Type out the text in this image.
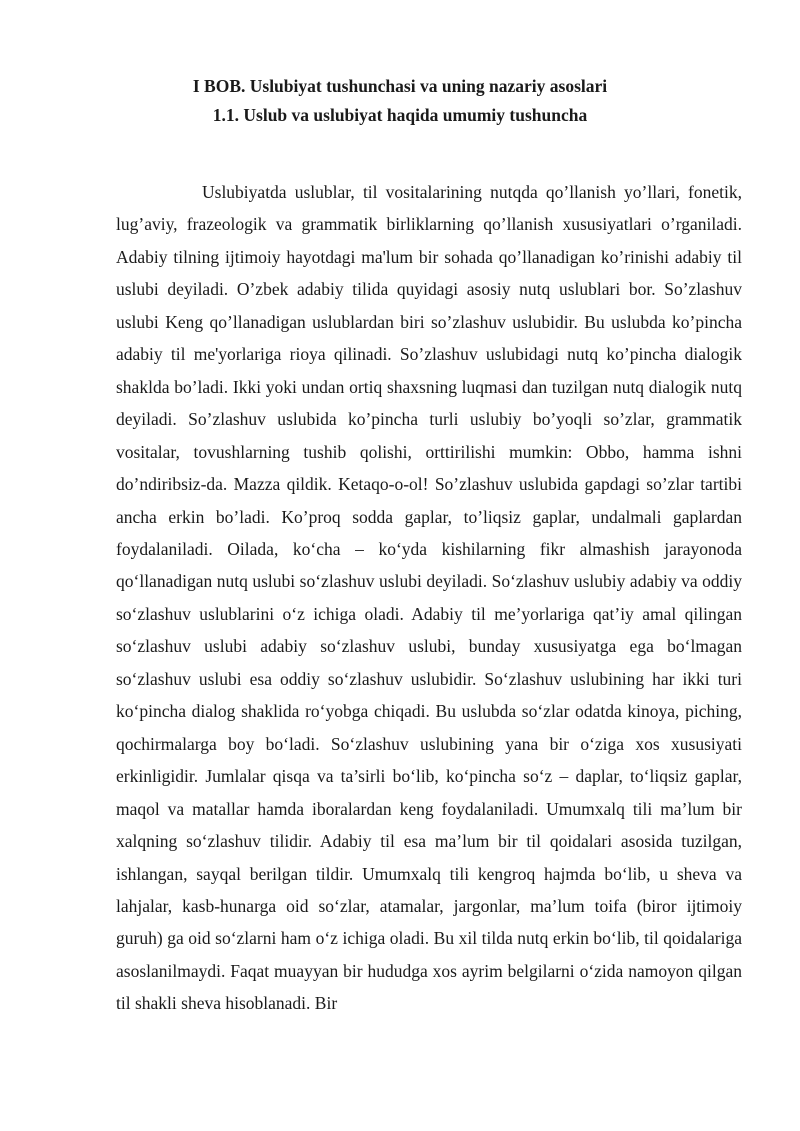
I BOB. Uslubiyat tushunchasi va uning nazariy asoslari
1.1. Uslub va uslubiyat haqida umumiy tushuncha

Uslubiyatda uslublar, til vositalarining nutqda qo’llanish yo’llari, fonetik, lug’aviy, frazeologik va grammatik birliklarning qo’llanish xususiyatlari o’rganiladi. Adabiy tilning ijtimoiy hayotdagi ma'lum bir sohada qo’llanadigan ko’rinishi adabiy til uslubi deyiladi. O’zbek adabiy tilida quyidagi asosiy nutq uslublari bor. So’zlashuv uslubi Keng qo’llanadigan uslublardan biri so’zlashuv uslubidir. Bu uslubda ko’pincha adabiy til me'yorlariga rioya qilinadi. So’zlashuv uslubidagi nutq ko’pincha dialogik shaklda bo’ladi. Ikki yoki undan ortiq shaxsning luqmasi dan tuzilgan nutq dialogik nutq deyiladi. So’zlashuv uslubida ko’pincha turli uslubiy bo’yoqli so’zlar, grammatik vositalar, tovushlarning tushib qolishi, orttirilishi mumkin: Obbo, hamma ishni do’ndiribsiz-da. Mazza qildik. Ketaqo-o-ol! So’zlashuv uslubida gapdagi so’zlar tartibi ancha erkin bo’ladi. Ko’proq sodda gaplar, to’liqsiz gaplar, undalmali gaplardan foydalaniladi. Oilada, ko‘cha – ko‘yda kishilarning fikr almashish jarayonoda qo‘llanadigan nutq uslubi so‘zlashuv uslubi deyiladi. So‘zlashuv uslubiy adabiy va oddiy so‘zlashuv uslublarini o‘z ichiga oladi. Adabiy til me’yorlariga qat’iy amal qilingan so‘zlashuv uslubi adabiy so‘zlashuv uslubi, bunday xususiyatga ega bo‘lmagan so‘zlashuv uslubi esa oddiy so‘zlashuv uslubidir. So‘zlashuv uslubining har ikki turi ko‘pincha dialog shaklida ro‘yobga chiqadi. Bu uslubda so‘zlar odatda kinoya, piching, qochirmalarga boy bo‘ladi. So‘zlashuv uslubining yana bir o‘ziga xos xususiyati erkinligidir. Jumlalar qisqa va ta’sirli bo‘lib, ko‘pincha so‘z – daplar, to‘liqsiz gaplar, maqol va matallar hamda iboralardan keng foydalaniladi. Umumxalq tili ma’lum bir xalqning so‘zlashuv tilidir. Adabiy til esa ma’lum bir til qoidalari asosida tuzilgan, ishlangan, sayqal berilgan tildir. Umumxalq tili kengroq hajmda bo‘lib, u sheva va lahjalar, kasb-hunarga oid so‘zlar, atamalar, jargonlar, ma’lum toifa (biror ijtimoiy guruh) ga oid so‘zlarni ham o‘z ichiga oladi. Bu xil tilda nutq erkin bo‘lib, til qoidalariga asoslanilmaydi. Faqat muayyan bir hududga xos ayrim belgilarni o‘zida namoyon qilgan til shakli sheva hisoblanadi. Bir
